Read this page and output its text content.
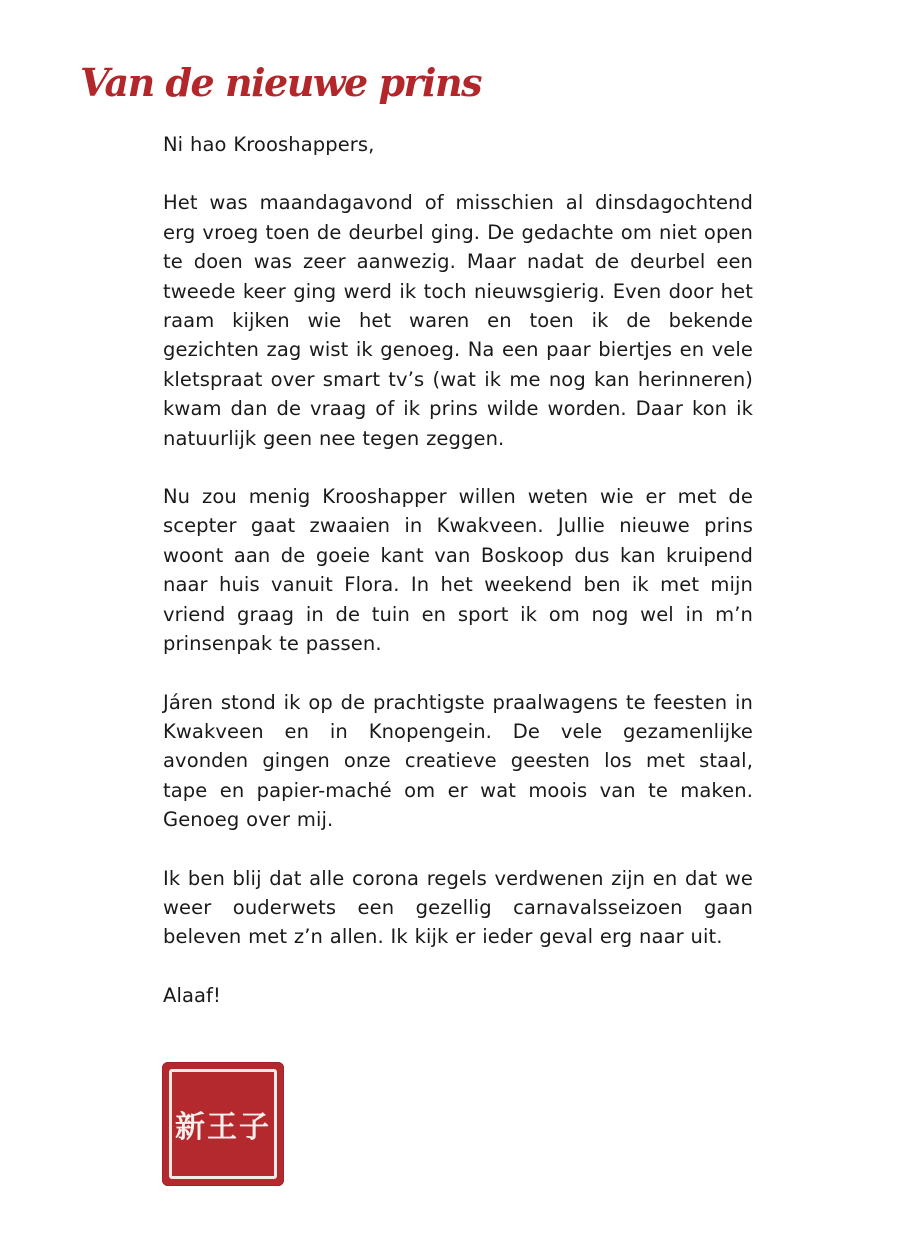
Van de nieuwe prins

Ni hao Krooshappers,

Het was maandagavond of misschien al dinsdagochtend erg vroeg toen de deurbel ging. De gedachte om niet open te doen was zeer aanwezig. Maar nadat de deurbel een tweede keer ging werd ik toch nieuwsgierig. Even door het raam kijken wie het waren en toen ik de bekende gezichten zag wist ik genoeg. Na een paar biertjes en vele kletspraat over smart tv’s (wat ik me nog kan herinneren) kwam dan de vraag of ik prins wilde worden. Daar kon ik natuurlijk geen nee tegen zeggen.

Nu zou menig Krooshapper willen weten wie er met de scepter gaat zwaaien in Kwakveen. Jullie nieuwe prins woont aan de goeie kant van Boskoop dus kan kruipend naar huis vanuit Flora. In het weekend ben ik met mijn vriend graag in de tuin en sport ik om nog wel in m’n prinsenpak te passen.

Járen stond ik op de prachtigste praalwagens te feesten in Kwakveen en in Knopengein. De vele gezamenlijke avonden gingen onze creatieve geesten los met staal, tape en papier-maché om er wat moois van te maken. Genoeg over mij.

Ik ben blij dat alle corona regels verdwenen zijn en dat we weer ouderwets een gezellig carnavalsseizoen gaan beleven met z’n allen. Ik kijk er ieder geval erg naar uit.

Alaaf!

新王子
